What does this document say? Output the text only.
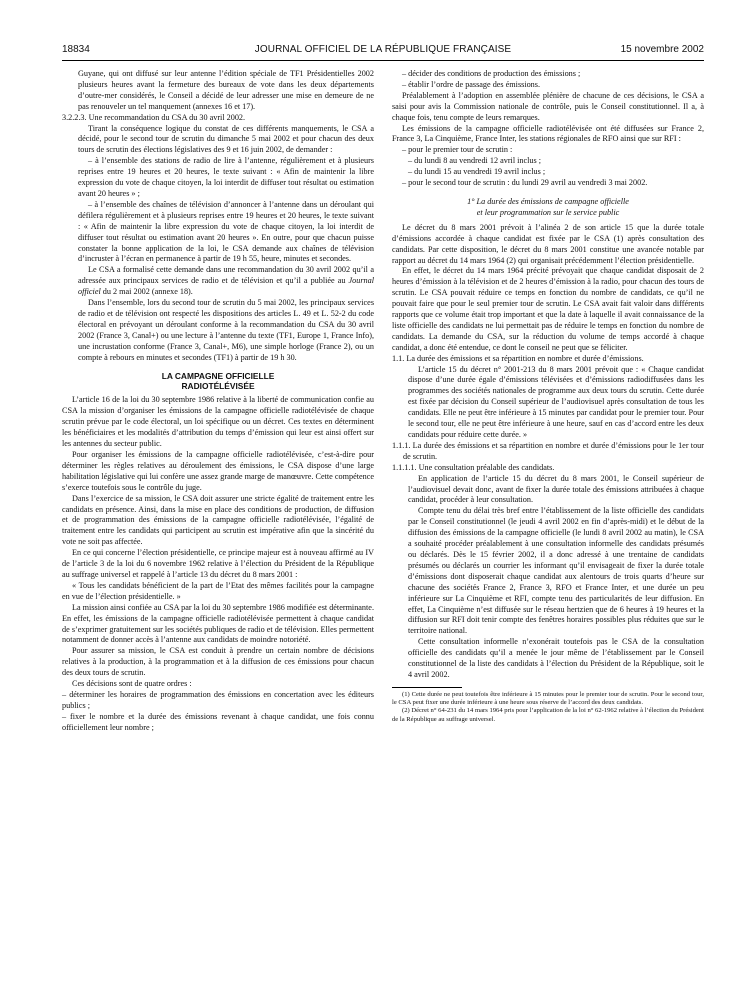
18834	JOURNAL OFFICIEL DE LA RÉPUBLIQUE FRANÇAISE	15 novembre 2002

Guyane, qui ont diffusé sur leur antenne l’édition spéciale de TF1 Présidentielles 2002 plusieurs heures avant la fermeture des bureaux de vote dans les deux départements d’outre-mer considérés, le Conseil a décidé de leur adresser une mise en demeure de ne pas renouveler un tel manquement (annexes 16 et 17).

3.2.2.3. Une recommandation du CSA du 30 avril 2002.

Tirant la conséquence logique du constat de ces différents manquements, le CSA a décidé, pour le second tour de scrutin du dimanche 5 mai 2002 et pour chacun des deux tours de scrutin des élections législatives des 9 et 16 juin 2002, de demander :

– à l’ensemble des stations de radio de lire à l’antenne, régulièrement et à plusieurs reprises entre 19 heures et 20 heures, le texte suivant : « Afin de maintenir la libre expression du vote de chaque citoyen, la loi interdit de diffuser tout résultat ou estimation avant 20 heures » ;

– à l’ensemble des chaînes de télévision d’annoncer à l’antenne dans un déroulant qui défilera régulièrement et à plusieurs reprises entre 19 heures et 20 heures, le texte suivant : « Afin de maintenir la libre expression du vote de chaque citoyen, la loi interdit de diffuser tout résultat ou estimation avant 20 heures ». En outre, pour que chacun puisse constater la bonne application de la loi, le CSA demande aux chaînes de télévision d’incruster à l’écran en permanence à partir de 19 h 55, heure, minutes et secondes.

Le CSA a formalisé cette demande dans une recommandation du 30 avril 2002 qu’il a adressée aux principaux services de radio et de télévision et qu’il a publiée au Journal officiel du 2 mai 2002 (annexe 18).

Dans l’ensemble, lors du second tour de scrutin du 5 mai 2002, les principaux services de radio et de télévision ont respecté les dispositions des articles L. 49 et L. 52-2 du code électoral en prévoyant un déroulant conforme à la recommandation du CSA du 30 avril 2002 (France 3, Canal+) ou une lecture à l’antenne du texte (TF1, Europe 1, France Info), une incrustation conforme (France 3, Canal+, M6), une simple horloge (France 2), ou un compte à rebours en minutes et secondes (TF1) à partir de 19 h 30.

LA CAMPAGNE OFFICIELLE
RADIOTÉLÉVISÉE

L’article 16 de la loi du 30 septembre 1986 relative à la liberté de communication confie au CSA la mission d’organiser les émissions de la campagne officielle radiotélévisée de chaque scrutin prévue par le code électoral, un loi spécifique ou un décret. Ces textes en déterminent les bénéficiaires et les modalités d’attribution du temps d’émission qui leur est ainsi offert sur les antennes du secteur public.

Pour organiser les émissions de la campagne officielle radiotélévisée, c’est-à-dire pour déterminer les règles relatives au déroulement des émissions, le CSA dispose d’une large habilitation législative qui lui confère une assez grande marge de manœuvre. Cette compétence s’exerce toutefois sous le contrôle du juge.

Dans l’exercice de sa mission, le CSA doit assurer une stricte égalité de traitement entre les candidats en présence. Ainsi, dans la mise en place des conditions de production, de diffusion et de programmation des émissions de la campagne officielle radiotélévisée, l’égalité de traitement entre les candidats qui participent au scrutin est impérative afin que la sincérité du vote ne soit pas affectée.

En ce qui concerne l’élection présidentielle, ce principe majeur est à nouveau affirmé au IV de l’article 3 de la loi du 6 novembre 1962 relative à l’élection du Président de la République au suffrage universel et rappelé à l’article 13 du décret du 8 mars 2001 :

« Tous les candidats bénéficient de la part de l’Etat des mêmes facilités pour la campagne en vue de l’élection présidentielle. »

La mission ainsi confiée au CSA par la loi du 30 septembre 1986 modifiée est déterminante. En effet, les émissions de la campagne officielle radiotélévisée permettent à chaque candidat de s’exprimer gratuitement sur les sociétés publiques de radio et de télévision. Elles permettent notamment de donner accès à l’antenne aux candidats de moindre notoriété.

Pour assurer sa mission, le CSA est conduit à prendre un certain nombre de décisions relatives à la production, à la programmation et à la diffusion de ces émissions pour chacun des deux tours de scrutin.

Ces décisions sont de quatre ordres :

– déterminer les horaires de programmation des émissions en concertation avec les éditeurs publics ;

– fixer le nombre et la durée des émissions revenant à chaque candidat, une fois connu officiellement leur nombre ;

– décider des conditions de production des émissions ;

– établir l’ordre de passage des émissions.

Préalablement à l’adoption en assemblée plénière de chacune de ces décisions, le CSA a saisi pour avis la Commission nationale de contrôle, puis le Conseil constitutionnel. Il a, à chaque fois, tenu compte de leurs remarques.

Les émissions de la campagne officielle radiotélévisée ont été diffusées sur France 2, France 3, La Cinquième, France Inter, les stations régionales de RFO ainsi que sur RFI :

– pour le premier tour de scrutin :

– du lundi 8 au vendredi 12 avril inclus ;

– du lundi 15 au vendredi 19 avril inclus ;

– pour le second tour de scrutin : du lundi 29 avril au vendredi 3 mai 2002.

1° La durée des émissions de campagne officielle
et leur programmation sur le service public

Le décret du 8 mars 2001 prévoit à l’alinéa 2 de son article 15 que la durée totale d’émissions accordée à chaque candidat est fixée par le CSA (1) après consultation des candidats. Par cette disposition, le décret du 8 mars 2001 constitue une avancée notable par rapport au décret du 14 mars 1964 (2) qui organisait précédemment l’élection présidentielle.

En effet, le décret du 14 mars 1964 précité prévoyait que chaque candidat disposait de 2 heures d’émission à la télévision et de 2 heures d’émission à la radio, pour chacun des tours de scrutin. Le CSA pouvait réduire ce temps en fonction du nombre de candidats, ce qu’il ne pouvait faire que pour le seul premier tour de scrutin. Le CSA avait fait valoir dans différents rapports que ce volume était trop important et que la date à laquelle il avait connaissance de la liste officielle des candidats ne lui permettait pas de réduire le temps en fonction du nombre de candidats. La demande du CSA, sur la réduction du volume de temps accordé à chaque candidat, a donc été entendue, ce dont le conseil ne peut que se féliciter.

1.1. La durée des émissions et sa répartition en nombre et durée d’émissions.

L’article 15 du décret n° 2001-213 du 8 mars 2001 prévoit que : « Chaque candidat dispose d’une durée égale d’émissions télévisées et d’émissions radiodiffusées dans les programmes des sociétés nationales de programme aux deux tours du scrutin. Cette durée est fixée par décision du Conseil supérieur de l’audiovisuel après consultation de tous les candidats. Elle ne peut être inférieure à 15 minutes par candidat pour le premier tour. Pour le second tour, elle ne peut être inférieure à une heure, sauf en cas d’accord entre les deux candidats pour réduire cette durée. »

1.1.1. La durée des émissions et sa répartition en nombre et durée d’émissions pour le 1er tour de scrutin.

1.1.1.1. Une consultation préalable des candidats.

En application de l’article 15 du décret du 8 mars 2001, le Conseil supérieur de l’audiovisuel devait donc, avant de fixer la durée totale des émissions attribuées à chaque candidat, procéder à leur consultation.

Compte tenu du délai très bref entre l’établissement de la liste officielle des candidats par le Conseil constitutionnel (le jeudi 4 avril 2002 en fin d’après-midi) et le début de la diffusion des émissions de la campagne officielle (le lundi 8 avril 2002 au matin), le CSA a souhaité procéder préalablement à une consultation informelle des candidats présumés ou déclarés. Dès le 15 février 2002, il a donc adressé à une trentaine de candidats présumés ou déclarés un courrier les informant qu’il envisageait de fixer la durée totale d’émissions dont disposerait chaque candidat aux alentours de trois quarts d’heure sur chacune des sociétés France 2, France 3, RFO et France Inter, et une durée un peu inférieure sur La Cinquième et RFI, compte tenu des particularités de leur diffusion. En effet, La Cinquième n’est diffusée sur le réseau hertzien que de 6 heures à 19 heures et la diffusion sur RFI doit tenir compte des fenêtres horaires possibles plus réduites que sur le territoire national.

Cette consultation informelle n’exonérait toutefois pas le CSA de la consultation officielle des candidats qu’il a menée le jour même de l’établissement par le Conseil constitutionnel de la liste des candidats à l’élection du Président de la République, soit le 4 avril 2002.

(1) Cette durée ne peut toutefois être inférieure à 15 minutes pour le premier tour de scrutin. Pour le second tour, le CSA peut fixer une durée inférieure à une heure sous réserve de l’accord des deux candidats.

(2) Décret n° 64-231 du 14 mars 1964 pris pour l’application de la loi n° 62-1962 relative à l’élection du Président de la République au suffrage universel.
